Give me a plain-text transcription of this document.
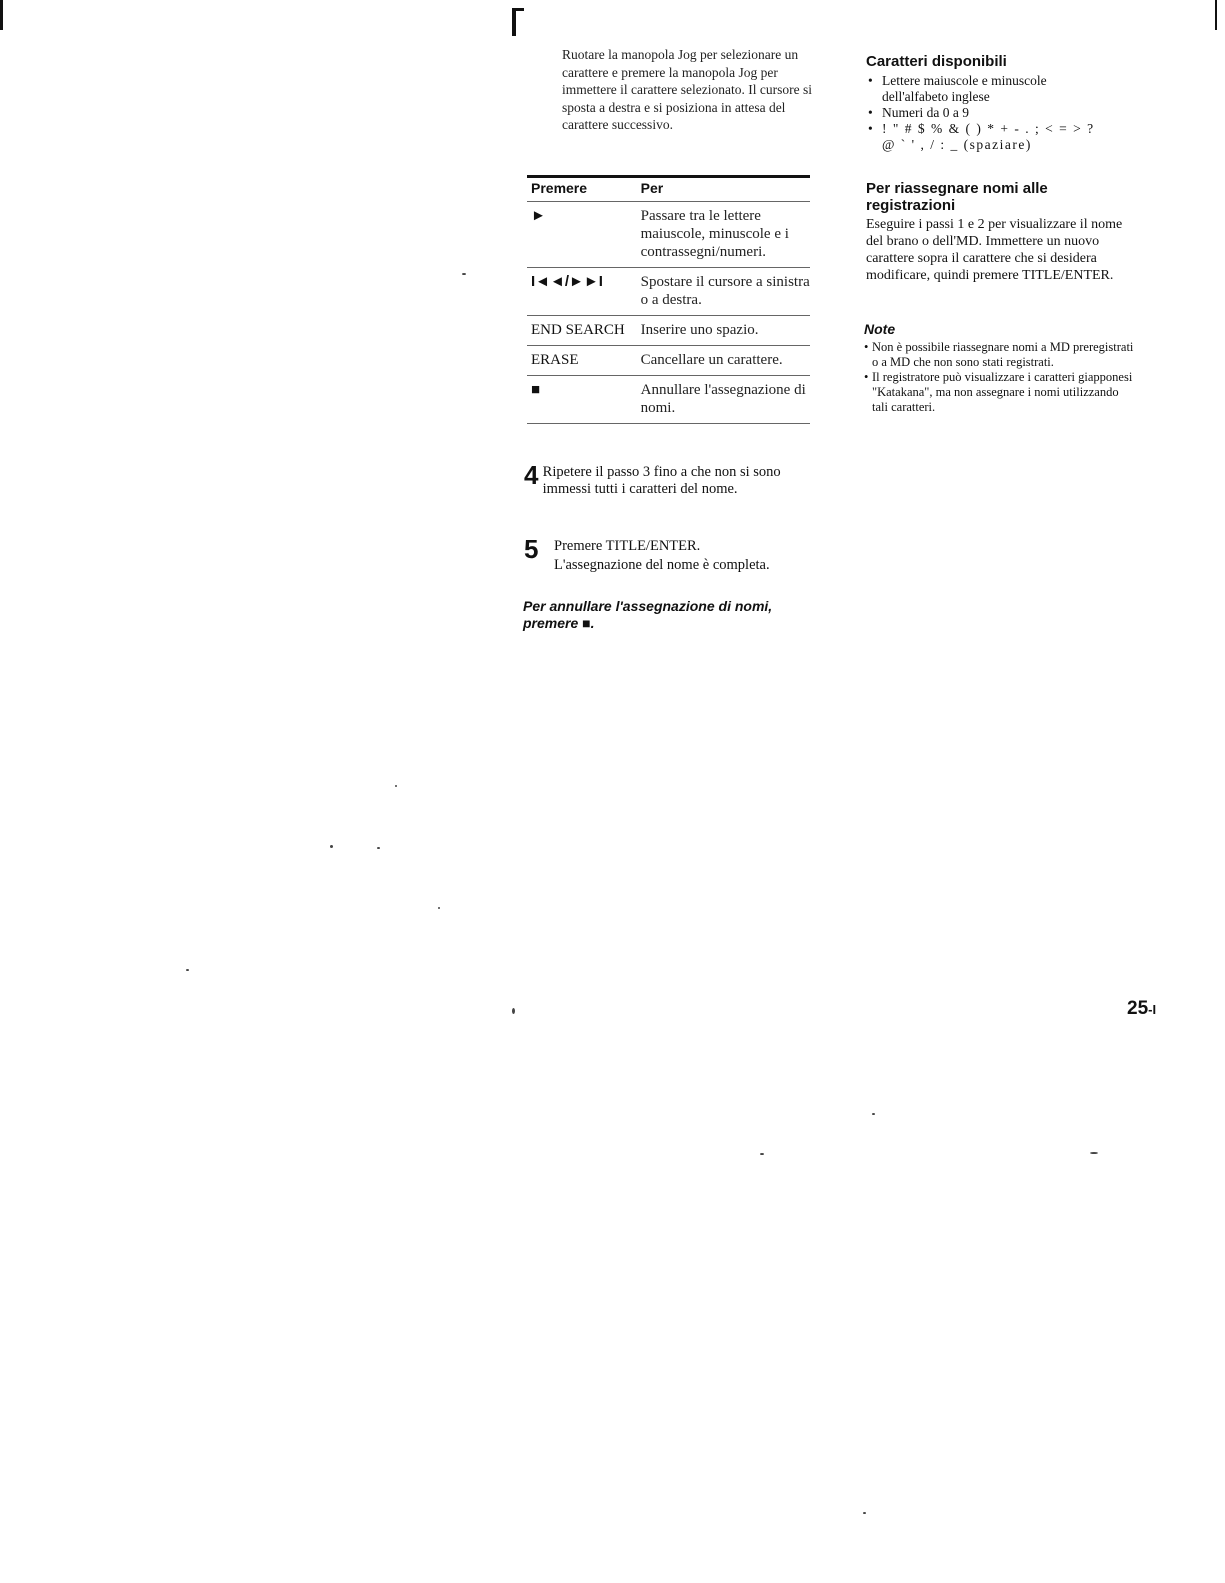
Ruotare la manopola Jog per selezionare un carattere e premere la manopola Jog per immettere il carattere selezionato. Il cursore si sposta a destra e si posiziona in attesa del carattere successivo.
Premere	Per
►	Passare tra le lettere maiuscole, minuscole e i contrassegni/numeri.
I◄◄/►►I	Spostare il cursore a sinistra o a destra.
END SEARCH	Inserire uno spazio.
ERASE	Cancellare un carattere.
■	Annullare l'assegnazione di nomi.
4 Ripetere il passo 3 fino a che non si sono immessi tutti i caratteri del nome.
5	Premere TITLE/ENTER.
L'assegnazione del nome è completa.
Per annullare l'assegnazione di nomi, premere ■.
Caratteri disponibili
• Lettere maiuscole e minuscole dell'alfabeto inglese
• Numeri da 0 a 9
• ! " # $ % & ( ) * + - . ; < = > ?
@ ` ' , / : _ (spaziare)
Per riassegnare nomi alle registrazioni
Eseguire i passi 1 e 2 per visualizzare il nome del brano o dell'MD. Immettere un nuovo carattere sopra il carattere che si desidera modificare, quindi premere TITLE/ENTER.
Note
• Non è possibile riassegnare nomi a MD preregistrati o a MD che non sono stati registrati.
• Il registratore può visualizzare i caratteri giapponesi "Katakana", ma non assegnare i nomi utilizzando tali caratteri.
25-I
